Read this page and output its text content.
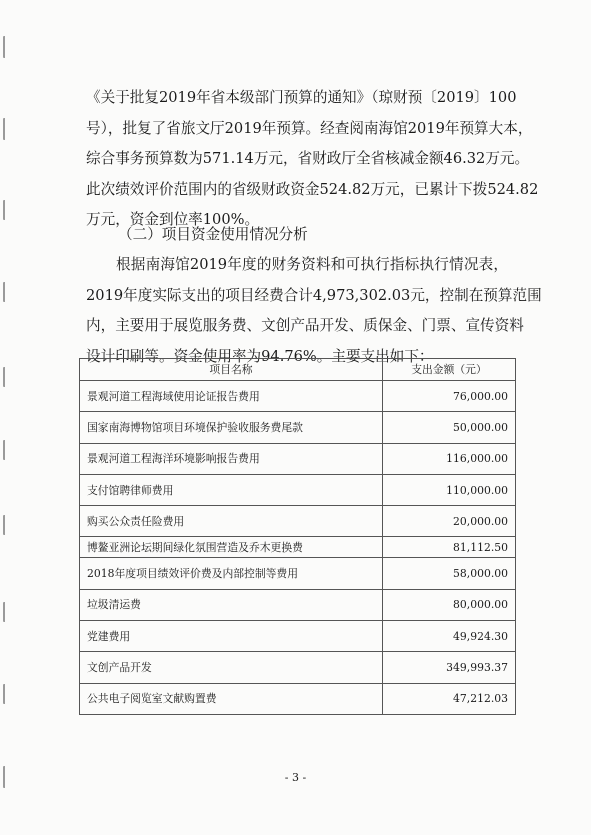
《关于批复2019年省本级部门预算的通知》（琼财预〔2019〕100
号），批复了省旅文厅2019年预算。经查阅南海馆2019年预算大本，
综合事务预算数为571.14万元，省财政厅全省核减金额46.32万元。
此次绩效评价范围内的省级财政资金524.82万元，已累计下拨524.82
万元，资金到位率100%。

（二）项目资金使用情况分析

根据南海馆2019年度的财务资料和可执行指标执行情况表，
2019年度实际支出的项目经费合计4,973,302.03元，控制在预算范围
内，主要用于展览服务费、文创产品开发、质保金、门票、宣传资料
设计印刷等。资金使用率为94.76%。主要支出如下：
项目名称	支出金额（元）
景观河道工程海域使用论证报告费用	76,000.00
国家南海博物馆项目环境保护验收服务费尾款	50,000.00
景观河道工程海洋环境影响报告费用	116,000.00
支付馆聘律师费用	110,000.00
购买公众责任险费用	20,000.00
博鳌亚洲论坛期间绿化氛围营造及乔木更换费	81,112.50
2018年度项目绩效评价费及内部控制等费用	58,000.00
垃圾清运费	80,000.00
党建费用	49,924.30
文创产品开发	349,993.37
公共电子阅览室文献购置费	47,212.03
- 3 -
